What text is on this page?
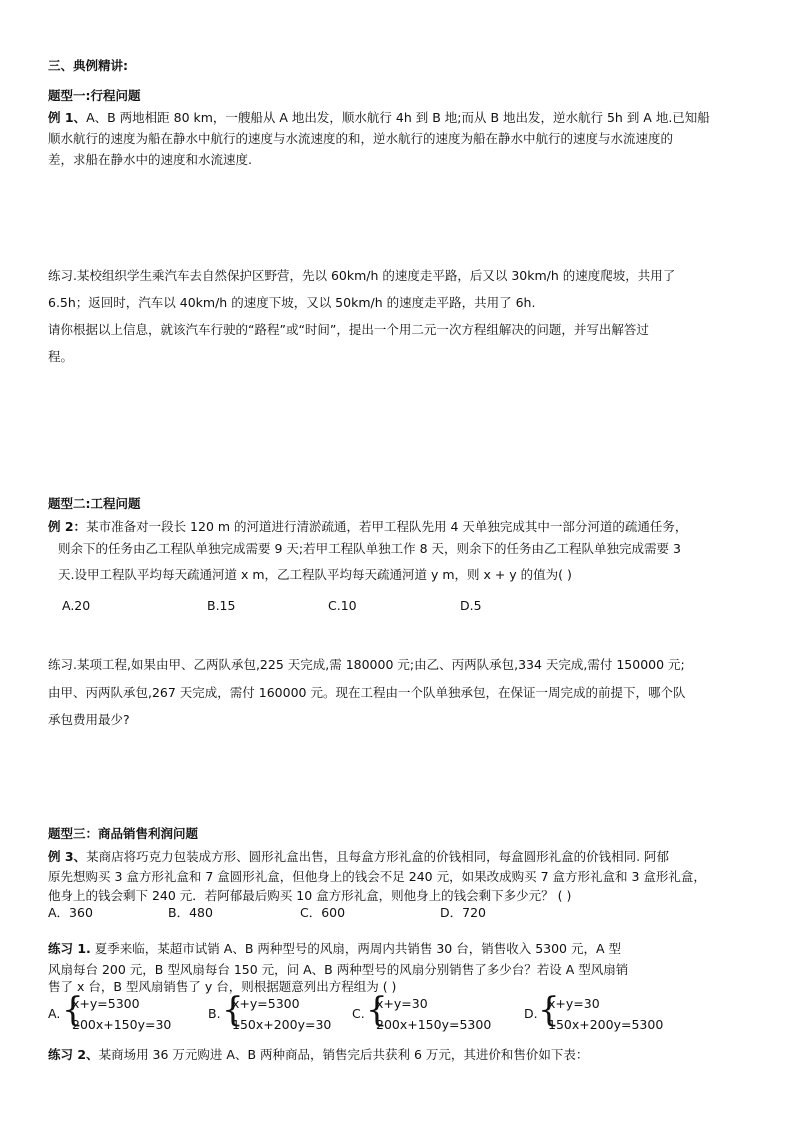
三、典例精讲:
题型一:行程问题
例 1、A、B 两地相距 80 km，一艘船从 A 地出发，顺水航行 4h 到 B 地;而从 B 地出发，逆水航行 5h 到 A 地.已知船
顺水航行的速度为船在静水中航行的速度与水流速度的和，逆水航行的速度为船在静水中航行的速度与水流速度的
差，求船在静水中的速度和水流速度.
练习.某校组织学生乘汽车去自然保护区野营，先以 60km/h 的速度走平路，后又以 30km/h 的速度爬坡，共用了
6.5h；返回时，汽车以 40km/h 的速度下坡，又以 50km/h 的速度走平路，共用了 6h.
请你根据以上信息，就该汽车行驶的“路程”或“时间”，提出一个用二元一次方程组解决的问题，并写出解答过
程。
题型二:工程问题
例 2：某市准备对一段长 120 m 的河道进行清淤疏通，若甲工程队先用 4 天单独完成其中一部分河道的疏通任务，
则余下的任务由乙工程队单独完成需要 9 天;若甲工程队单独工作 8 天，则余下的任务由乙工程队单独完成需要 3
天.设甲工程队平均每天疏通河道 x m，乙工程队平均每天疏通河道 y m，则 x + y 的值为( )
A.20	B.15	C.10	D.5
练习.某项工程,如果由甲、乙两队承包,225 天完成,需 180000 元;由乙、丙两队承包,334 天完成,需付 150000 元;
由甲、丙两队承包,267 天完成，需付 160000 元。现在工程由一个队单独承包，在保证一周完成的前提下，哪个队
承包费用最少?
题型三：商品销售利润问题
例 3、某商店将巧克力包装成方形、圆形礼盒出售，且每盒方形礼盒的价钱相同，每盒圆形礼盒的价钱相同. 阿郁
原先想购买 3 盒方形礼盒和 7 盒圆形礼盒，但他身上的钱会不足 240 元，如果改成购买 7 盒方形礼盒和 3 盒形礼盒，
他身上的钱会剩下 240 元．若阿郁最后购买 10 盒方形礼盒，则他身上的钱会剩下多少元？ ( )
A．360	B．480	C．600	D．720
练习 1. 夏季来临，某超市试销 A、B 两种型号的风扇，两周内共销售 30 台，销售收入 5300 元，A 型
风扇每台 200 元，B 型风扇每台 150 元，问 A、B 两种型号的风扇分别销售了多少台？若设 A 型风扇销
售了 x 台，B 型风扇销售了 y 台，则根据题意列出方程组为 ( )
A. {
x+y=5300
200x+150y=30
B. {
x+y=5300
150x+200y=30
C. {
x+y=30
200x+150y=5300
D. {
x+y=30
150x+200y=5300
练习 2、某商场用 36 万元购进 A、B 两种商品，销售完后共获利 6 万元，其进价和售价如下表：
